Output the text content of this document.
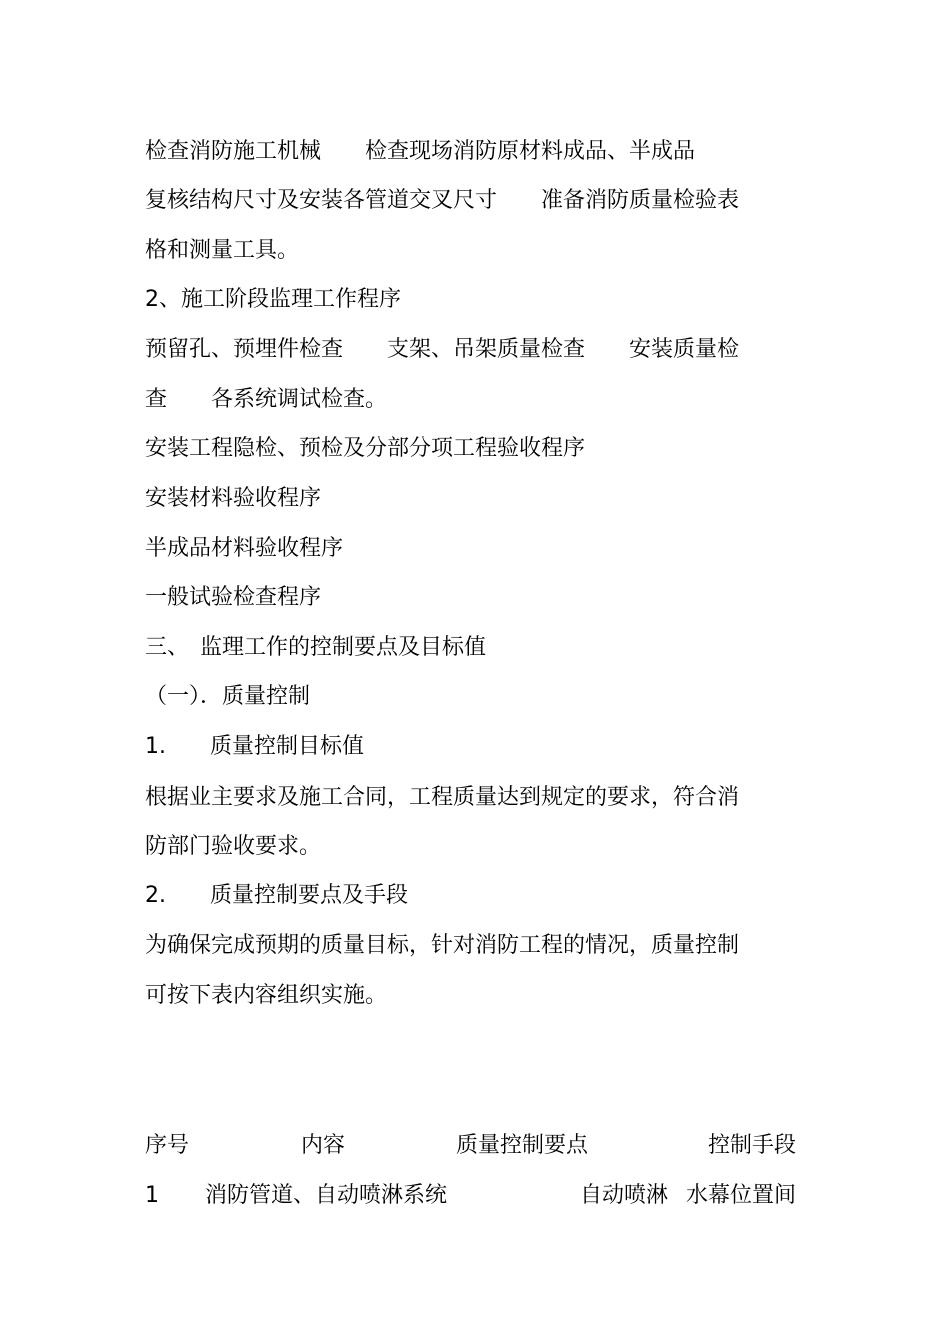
检查消防施工机械　　检查现场消防原材料成品、半成品

复核结构尺寸及安装各管道交叉尺寸　　准备消防质量检验表

格和测量工具。

2、施工阶段监理工作程序

预留孔、预埋件检查　　支架、吊架质量检查　　安装质量检

查　　各系统调试检查。

安装工程隐检、预检及分部分项工程验收程序

安装材料验收程序

半成品材料验收程序

一般试验检查程序

三、　监理工作的控制要点及目标值

（一）．质量控制

1.　　质量控制目标值

根据业主要求及施工合同，工程质量达到规定的要求，符合消

防部门验收要求。

2.　　质量控制要点及手段

为确保完成预期的质量目标，针对消防工程的情况，质量控制

可按下表内容组织实施。

序号	内容	质量控制要点	控制手段
1 消防管道、自动喷淋系统	自动喷淋 水幕位置间
